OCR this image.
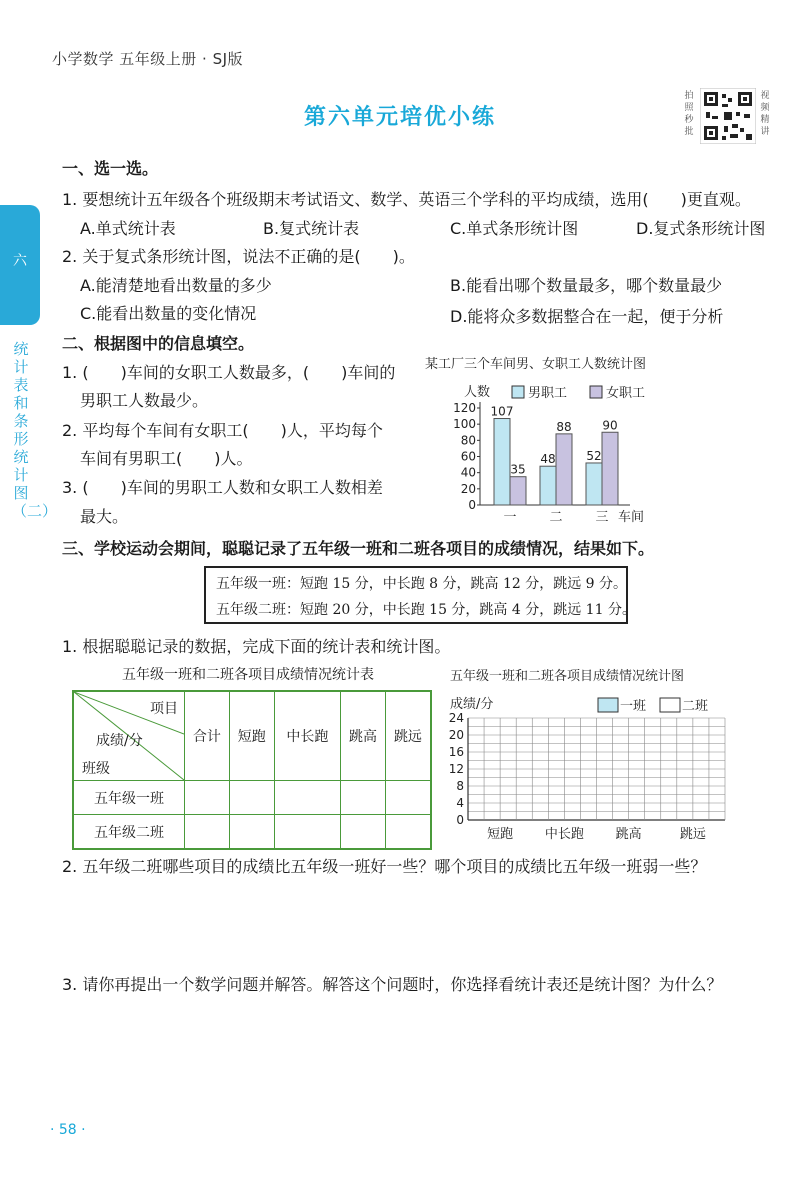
小学数学 五年级上册 · SJ版
第六单元培优小练
拍照秒批
视频精讲
六
统计表和条形统计图（二）
一、选一选。
1. 要想统计五年级各个班级期末考试语文、数学、英语三个学科的平均成绩，选用(　　)更直观。
A.单式统计表	B.复式统计表	C.单式条形统计图	D.复式条形统计图
2. 关于复式条形统计图，说法不正确的是(　　)。
A.能清楚地看出数量的多少	B.能看出哪个数量最多，哪个数量最少
C.能看出数量的变化情况	D.能将众多数据整合在一起，便于分析
二、根据图中的信息填空。
1. (　　)车间的女职工人数最多，(　　)车间的
男职工人数最少。
2. 平均每个车间有女职工(　　)人，平均每个
车间有男职工(　　)人。
3. (　　)车间的男职工人数和女职工人数相差
最大。
某工厂三个车间男、女职工人数统计图
人数	男职工	女职工
0
20
40
60
80
100
120
一	二	三 车间
107
35
48
88
52
90
三、学校运动会期间，聪聪记录了五年级一班和二班各项目的成绩情况，结果如下。
五年级一班：短跑 15 分，中长跑 8 分，跳高 12 分，跳远 9 分。
五年级二班：短跑 20 分，中长跑 15 分，跳高 4 分，跳远 11 分。
1. 根据聪聪记录的数据，完成下面的统计表和统计图。
五年级一班和二班各项目成绩情况统计表
项目
成绩/分
班级	合计	短跑	中长跑	跳高	跳远
五年级一班					
五年级二班					
五年级一班和二班各项目成绩情况统计图
成绩/分	一班	二班
0
4
8
12
16
20
24
短跑 中长跑 跳高	跳远
2. 五年级二班哪些项目的成绩比五年级一班好一些？哪个项目的成绩比五年级一班弱一些？
3. 请你再提出一个数学问题并解答。解答这个问题时，你选择看统计表还是统计图？为什么？
· 58 ·
